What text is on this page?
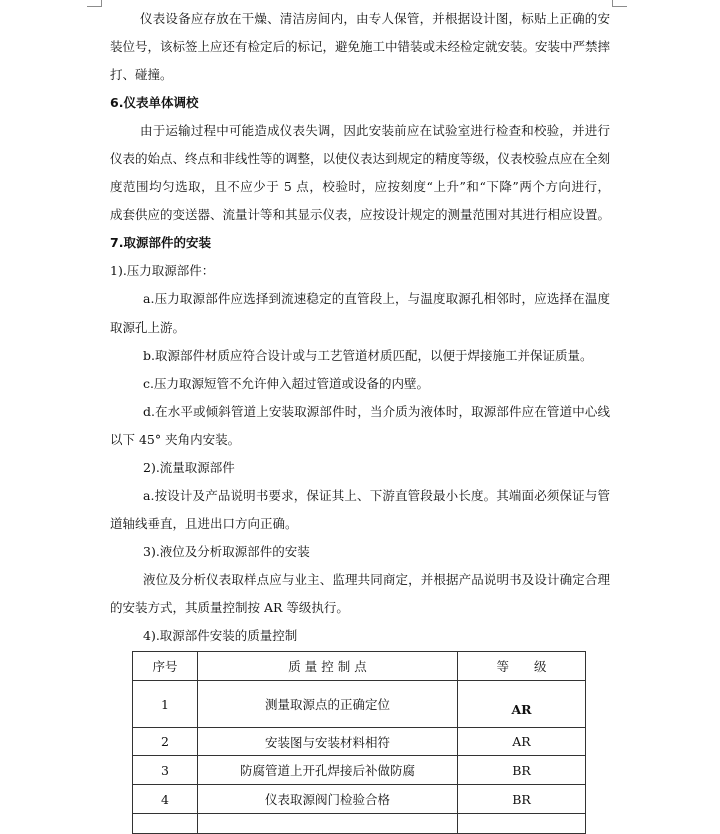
仪表设备应存放在干燥、清洁房间内，由专人保管，并根据设计图，标贴上正确的安
装位号，该标签上应还有检定后的标记，避免施工中错装或未经检定就安装。安装中严禁摔
打、碰撞。
6.仪表单体调校
由于运输过程中可能造成仪表失调，因此安装前应在试验室进行检查和校验，并进行
仪表的始点、终点和非线性等的调整，以使仪表达到规定的精度等级，仪表校验点应在全刻
度范围均匀选取，且不应少于 5 点，校验时，应按刻度“上升”和“下降”两个方向进行，
成套供应的变送器、流量计等和其显示仪表，应按设计规定的测量范围对其进行相应设置。
7.取源部件的安装
1).压力取源部件：
a.压力取源部件应选择到流速稳定的直管段上，与温度取源孔相邻时，应选择在温度
取源孔上游。
b.取源部件材质应符合设计或与工艺管道材质匹配，以便于焊接施工并保证质量。
c.压力取源短管不允许伸入超过管道或设备的内壁。
d.在水平或倾斜管道上安装取源部件时，当介质为液体时，取源部件应在管道中心线
以下 45° 夹角内安装。
2).流量取源部件
a.按设计及产品说明书要求，保证其上、下游直管段最小长度。其端面必须保证与管
道轴线垂直，且进出口方向正确。
3).液位及分析取源部件的安装
液位及分析仪表取样点应与业主、监理共同商定，并根据产品说明书及设计确定合理
的安装方式，其质量控制按 AR 等级执行。
4).取源部件安装的质量控制
序号	质 量 控 制 点	等　　级
1	测量取源点的正确定位	AR
2	安装图与安装材料相符	AR
3	防腐管道上开孔焊接后补做防腐	BR
4	仪表取源阀门检验合格	BR
